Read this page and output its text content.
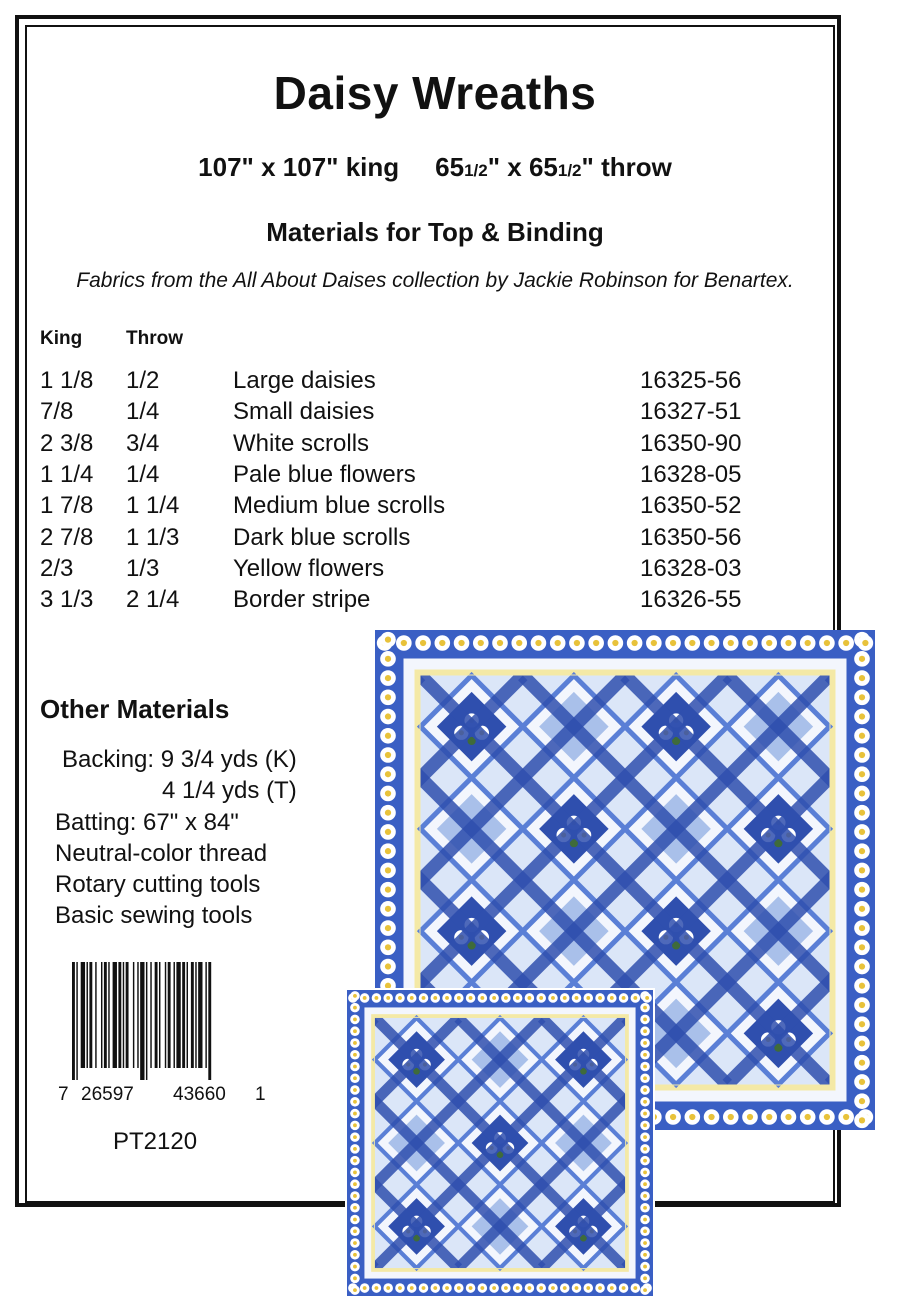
Daisy Wreaths
107" x 107" king 651/2" x 651/2" throw
Materials for Top & Binding
Fabrics from the All About Daises collection by Jackie Robinson for Benartex.
King Throw
1 1/8	1/2	Large daisies	16325-56
7/8	1/4	Small daisies	16327-51
2 3/8	3/4	White scrolls	16350-90
1 1/4	1/4	Pale blue flowers	16328-05
1 7/8	1 1/4	Medium blue scrolls	16350-52
2 7/8	1 1/3	Dark blue scrolls	16350-56
2/3	1/3	Yellow flowers	16328-03
3 1/3	2 1/4	Border stripe	16326-55
Other Materials
Backing: 9 3/4 yds (K)
4 1/4 yds (T)
Batting: 67" x 84"
Neutral-color thread
Rotary cutting tools
Basic sewing tools
7 26597 43660 1
PT2120
